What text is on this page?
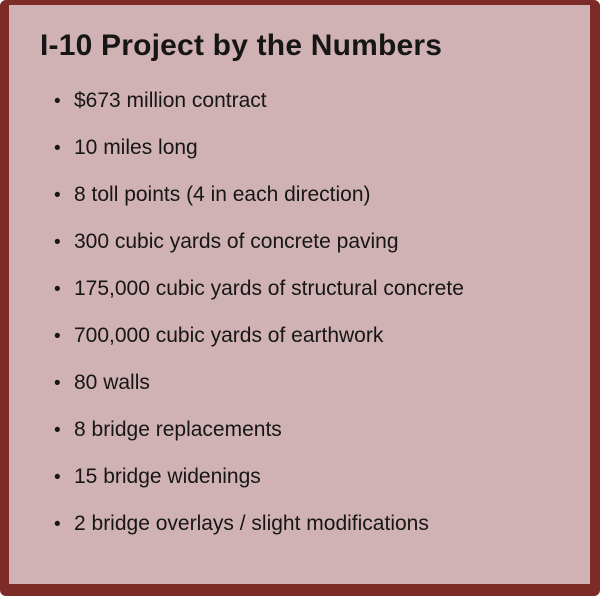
I-10 Project by the Numbers
• $673 million contract
• 10 miles long
• 8 toll points (4 in each direction)
• 300 cubic yards of concrete paving
• 175,000 cubic yards of structural concrete
• 700,000 cubic yards of earthwork
• 80 walls
• 8 bridge replacements
• 15 bridge widenings
• 2 bridge overlays / slight modifications
